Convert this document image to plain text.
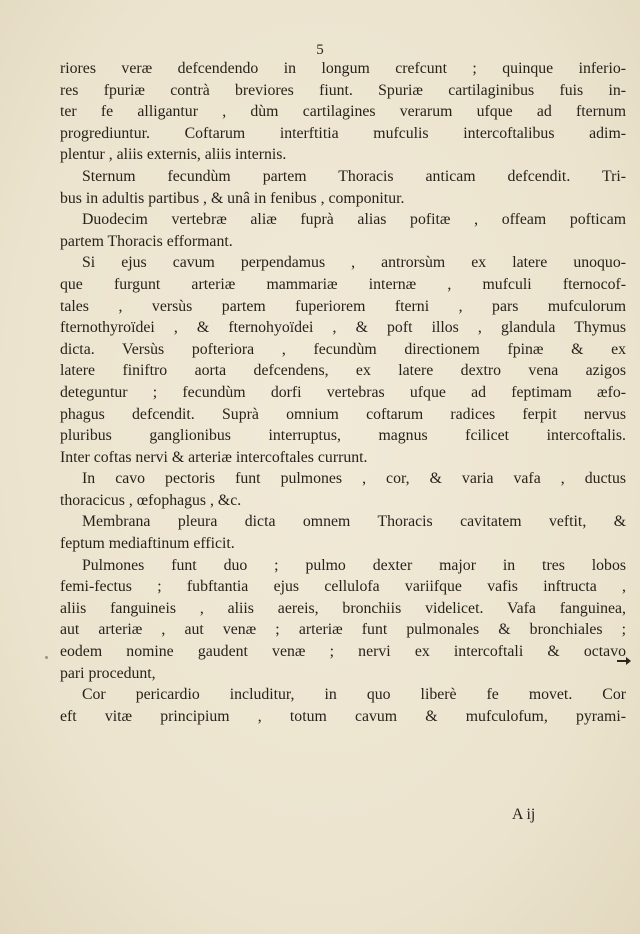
5
riores veræ defcendendo in longum crefcunt ; quinque inferio-
res fpuriæ contrà breviores fiunt. Spuriæ cartilaginibus fuis in-
ter fe alligantur , dùm cartilagines verarum ufque ad fternum
progrediuntur. Coftarum interftitia mufculis intercoftalibus adim-
plentur , aliis externis, aliis internis.
Sternum fecundùm partem Thoracis anticam defcendit. Tri-
bus in adultis partibus , & unâ in fenibus , componitur.
Duodecim vertebræ aliæ fuprà alias pofitæ , offeam pofticam
partem Thoracis efformant.
Si ejus cavum perpendamus , antrorsùm ex latere unoquo-
que furgunt arteriæ mammariæ internæ , mufculi fternocof-
tales , versùs partem fuperiorem fterni , pars mufculorum
fternothyroïdei , & fternohyoïdei , & poft illos , glandula Thymus
dicta. Versùs pofteriora , fecundùm directionem fpinæ & ex
latere finiftro aorta defcendens, ex latere dextro vena azigos
deteguntur ; fecundùm dorfi vertebras ufque ad feptimam æfo-
phagus defcendit. Suprà omnium coftarum radices ferpit nervus
pluribus ganglionibus interruptus, magnus fcilicet intercoftalis.
Inter coftas nervi & arteriæ intercoftales currunt.
In cavo pectoris funt pulmones , cor, & varia vafa , ductus
thoracicus , œfophagus , &c.
Membrana pleura dicta omnem Thoracis cavitatem veftit, &
feptum mediaftinum efficit.
Pulmones funt duo ; pulmo dexter major in tres lobos
femi-fectus ; fubftantia ejus cellulofa variifque vafis inftructa ,
aliis fanguineis , aliis aereis, bronchiis videlicet. Vafa fanguinea,
aut arteriæ , aut venæ ; arteriæ funt pulmonales & bronchiales ;
eodem nomine gaudent venæ ; nervi ex intercoftali & octavo
pari procedunt,
Cor pericardio includitur, in quo liberè fe movet. Cor
eft vitæ principium , totum cavum & mufculofum, pyrami-
A ij
